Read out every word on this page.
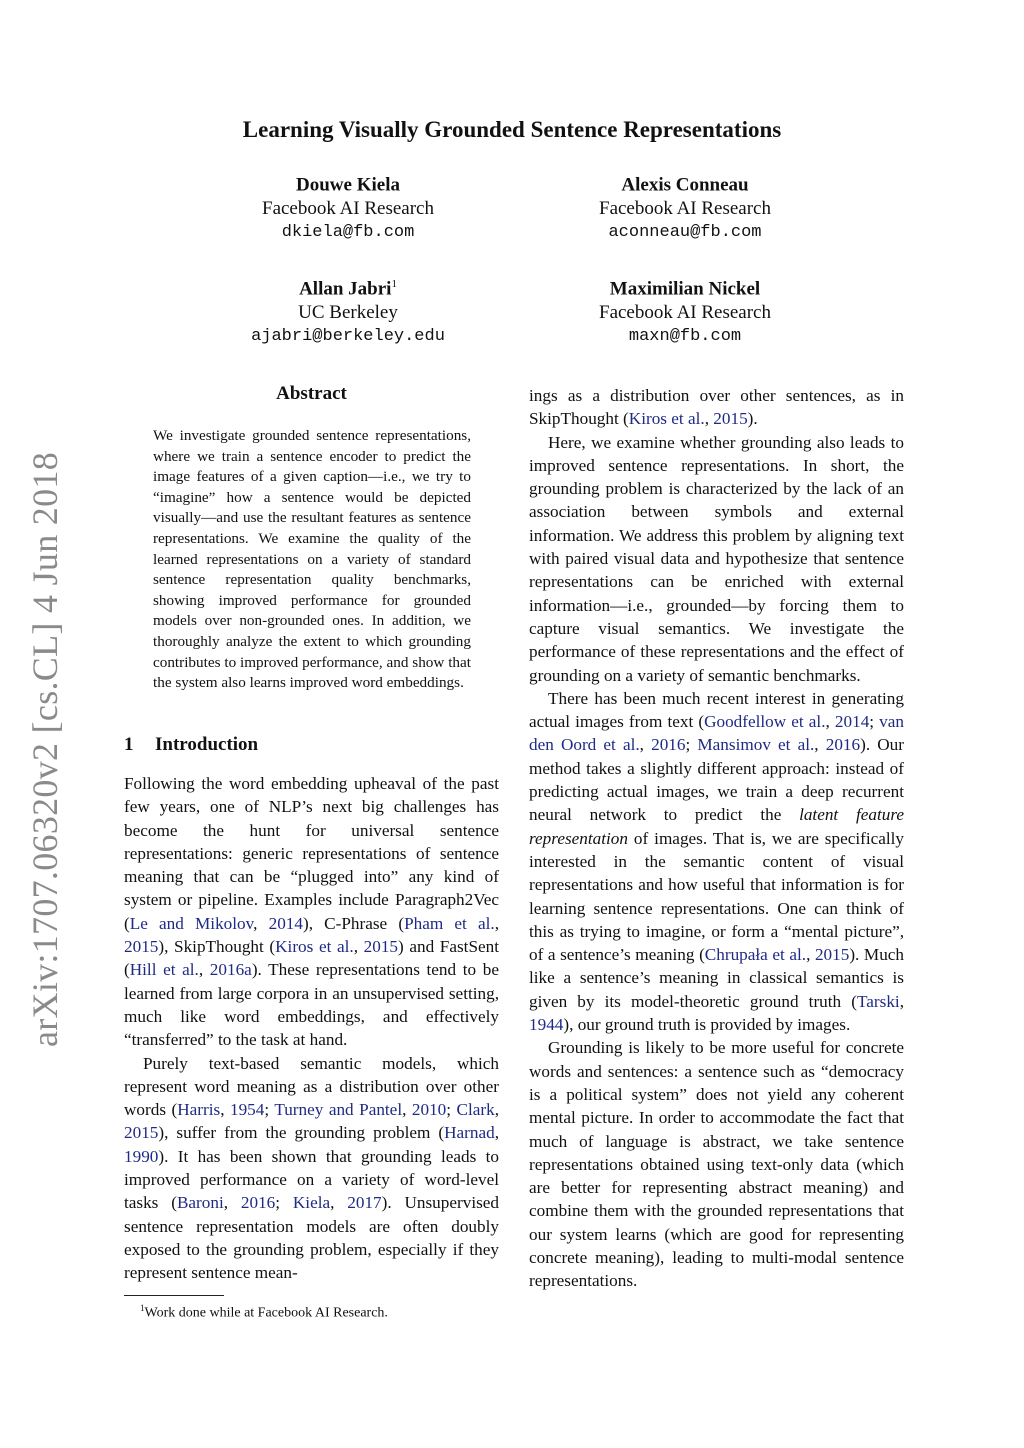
arXiv:1707.06320v2 [cs.CL] 4 Jun 2018
Learning Visually Grounded Sentence Representations
Douwe Kiela
Facebook AI Research
dkiela@fb.com
Alexis Conneau
Facebook AI Research
aconneau@fb.com
Allan Jabri$^1$
UC Berkeley
ajabri@berkeley.edu
Maximilian Nickel
Facebook AI Research
maxn@fb.com
Abstract

We investigate grounded sentence representations, where we train a sentence encoder to predict the image features of a given caption—i.e., we try to “imagine” how a sentence would be depicted visually—and use the resultant features as sentence representations. We examine the quality of the learned representations on a variety of standard sentence representation quality benchmarks, showing improved performance for grounded models over non-grounded ones. In addition, we thoroughly analyze the extent to which grounding contributes to improved performance, and show that the system also learns improved word embeddings.

1 Introduction

Following the word embedding upheaval of the past few years, one of NLP’s next big challenges has become the hunt for universal sentence representations: generic representations of sentence meaning that can be “plugged into” any kind of system or pipeline. Examples include Paragraph2Vec (Le and Mikolov, 2014), C-Phrase (Pham et al., 2015), SkipThought (Kiros et al., 2015) and FastSent (Hill et al., 2016a). These representations tend to be learned from large corpora in an unsupervised setting, much like word embeddings, and effectively “transferred” to the task at hand.

Purely text-based semantic models, which represent word meaning as a distribution over other words (Harris, 1954; Turney and Pantel, 2010; Clark, 2015), suffer from the grounding problem (Harnad, 1990). It has been shown that grounding leads to improved performance on a variety of word-level tasks (Baroni, 2016; Kiela, 2017). Unsupervised sentence representation models are often doubly exposed to the grounding problem, especially if they represent sentence mean-

ings as a distribution over other sentences, as in SkipThought (Kiros et al., 2015).

Here, we examine whether grounding also leads to improved sentence representations. In short, the grounding problem is characterized by the lack of an association between symbols and external information. We address this problem by aligning text with paired visual data and hypothesize that sentence representations can be enriched with external information—i.e., grounded—by forcing them to capture visual semantics. We investigate the performance of these representations and the effect of grounding on a variety of semantic benchmarks.

There has been much recent interest in generating actual images from text (Goodfellow et al., 2014; van den Oord et al., 2016; Mansimov et al., 2016). Our method takes a slightly different approach: instead of predicting actual images, we train a deep recurrent neural network to predict the latent feature representation of images. That is, we are specifically interested in the semantic content of visual representations and how useful that information is for learning sentence representations. One can think of this as trying to imagine, or form a “mental picture”, of a sentence’s meaning (Chrupała et al., 2015). Much like a sentence’s meaning in classical semantics is given by its model-theoretic ground truth (Tarski, 1944), our ground truth is provided by images.

Grounding is likely to be more useful for concrete words and sentences: a sentence such as “democracy is a political system” does not yield any coherent mental picture. In order to accommodate the fact that much of language is abstract, we take sentence representations obtained using text-only data (which are better for representing abstract meaning) and combine them with the grounded representations that our system learns (which are good for representing concrete meaning), leading to multi-modal sentence representations.

$^1$Work done while at Facebook AI Research.
